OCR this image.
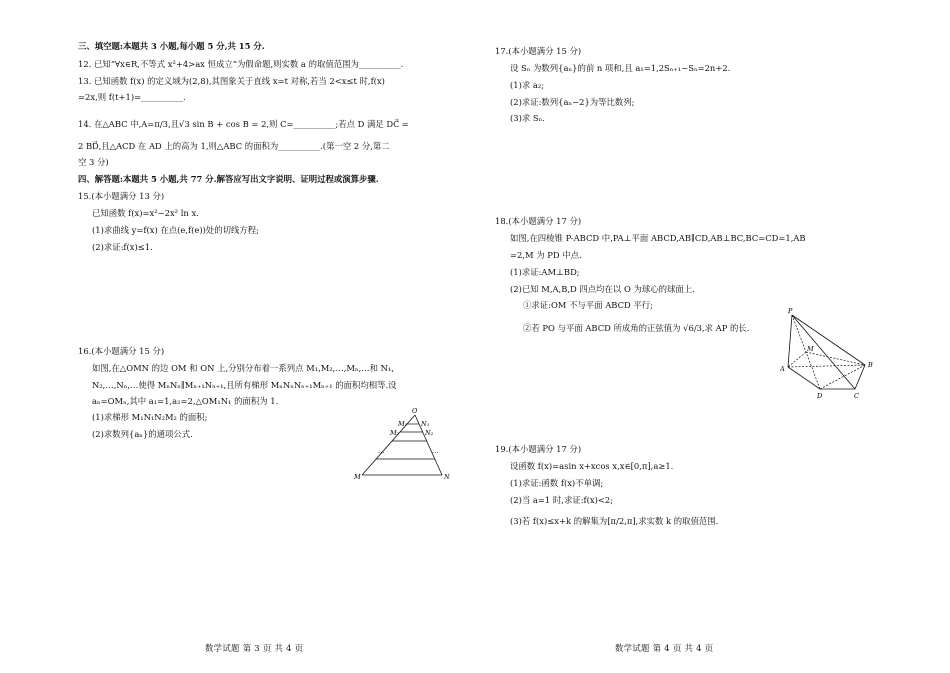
三、填空题:本题共 3 小题,每小题 5 分,共 15 分.
12. 已知“∀x∈R,不等式 x²+4>ax 恒成立”为假命题,则实数 a 的取值范围为__________.
13. 已知函数 f(x) 的定义域为(2,8),其图象关于直线 x=t 对称,若当 2<x≤t 时,f(x)
=2x,则 f(t+1)=__________.
14. 在△ABC 中,A=π/3,且√3 sin B + cos B = 2,则 C=__________;若点 D 满足 DC⃗ =
2 BD⃗,且△ACD 在 AD 上的高为 1,则△ABC 的面积为__________.(第一空 2 分,第二
空 3 分)
四、解答题:本题共 5 小题,共 77 分.解答应写出文字说明、证明过程或演算步骤.
15.(本小题满分 13 分)
已知函数 f(x)=x²−2x² ln x.
(1)求曲线 y=f(x) 在点(e,f(e))处的切线方程;
(2)求证:f(x)≤1.
16.(本小题满分 15 分)
如图,在△OMN 的边 OM 和 ON 上,分别分布着一系列点 M₁,M₂,…,Mₙ,…和 N₁,
N₂,…,Nₙ,…使得 MₙNₙ∥Mₙ₊₁Nₙ₊₁,且所有梯形 MₙNₙNₙ₊₁Mₙ₊₁ 的面积均相等.设
aₙ=OMₙ,其中 a₁=1,a₂=2,△OM₁N₁ 的面积为 1.
(1)求梯形 M₁N₁N₂M₂ 的面积;
(2)求数列{aₙ}的通项公式.
O
M₁ N₁
M₂	N₂
M	N
…	…
数学试题 第 3 页 共 4 页
17.(本小题满分 15 分)
设 Sₙ 为数列{aₙ}的前 n 项和,且 a₁=1,2Sₙ₊₁−Sₙ=2n+2.
(1)求 a₂;
(2)求证:数列{aₙ−2}为等比数列;
(3)求 Sₙ.
18.(本小题满分 17 分)
如图,在四棱锥 P-ABCD 中,PA⊥平面 ABCD,AB∥CD,AB⊥BC,BC=CD=1,AB
=2,M 为 PD 中点.
(1)求证:AM⊥BD;
(2)已知 M,A,B,D 四点均在以 O 为球心的球面上.
①求证:OM 不与平面 ABCD 平行;
②若 PO 与平面 ABCD 所成角的正弦值为 √6/3,求 AP 的长.
P
M
A	B
D	C
19.(本小题满分 17 分)
设函数 f(x)=asin x+xcos x,x∈[0,π],a≥1.
(1)求证:函数 f(x)不单调;
(2)当 a=1 时,求证:f(x)<2;
(3)若 f(x)≤x+k 的解集为[π/2,π],求实数 k 的取值范围.
数学试题 第 4 页 共 4 页
